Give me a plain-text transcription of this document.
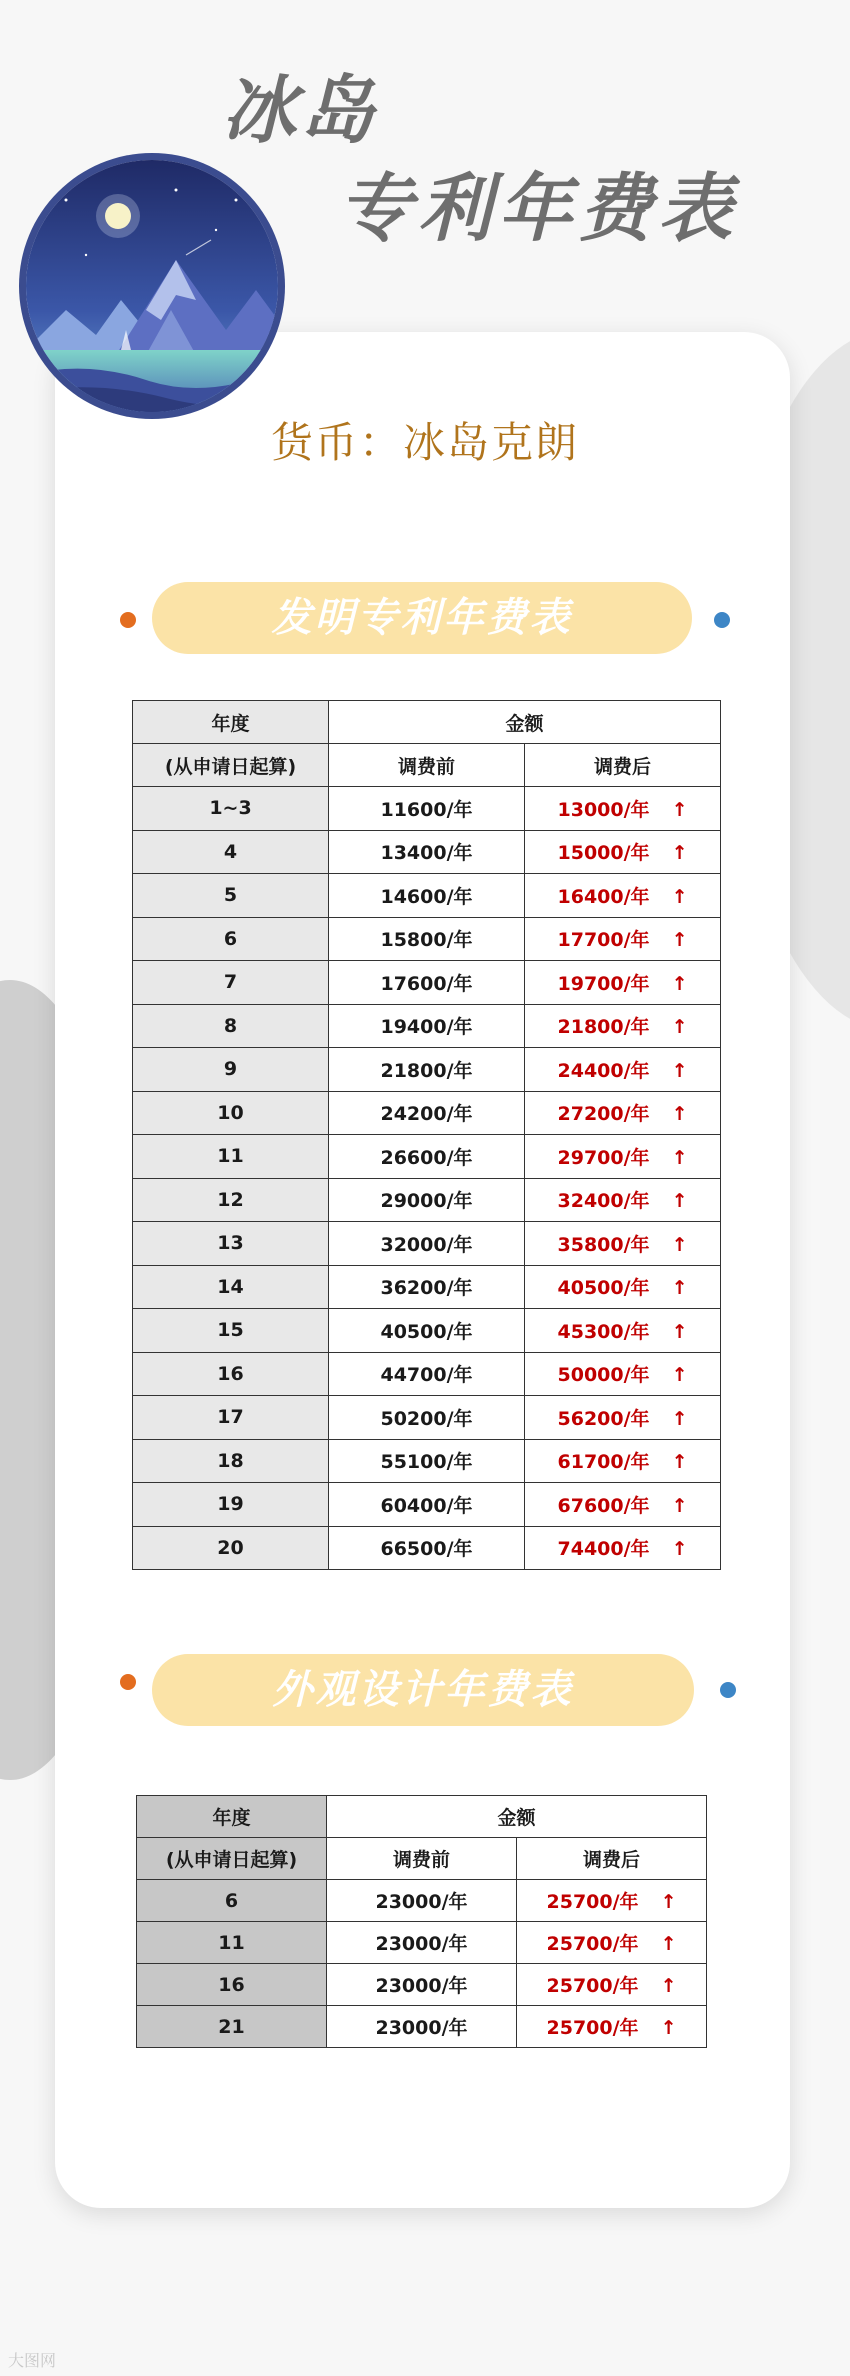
冰岛
专利年费表
货币：冰岛克朗
发明专利年费表
年度	金额	
(从申请日起算)	调费前	调费后
1~3	11600/年	13000/年 ↑
4	13400/年	15000/年 ↑
5	14600/年	16400/年 ↑
6	15800/年	17700/年 ↑
7	17600/年	19700/年 ↑
8	19400/年	21800/年 ↑
9	21800/年	24400/年 ↑
10	24200/年	27200/年 ↑
11	26600/年	29700/年 ↑
12	29000/年	32400/年 ↑
13	32000/年	35800/年 ↑
14	36200/年	40500/年 ↑
15	40500/年	45300/年 ↑
16	44700/年	50000/年 ↑
17	50200/年	56200/年 ↑
18	55100/年	61700/年 ↑
19	60400/年	67600/年 ↑
20	66500/年	74400/年 ↑
外观设计年费表
年度	金额	
(从申请日起算)	调费前	调费后
6	23000/年	25700/年 ↑
11	23000/年	25700/年 ↑
16	23000/年	25700/年 ↑
21	23000/年	25700/年 ↑
大图网
